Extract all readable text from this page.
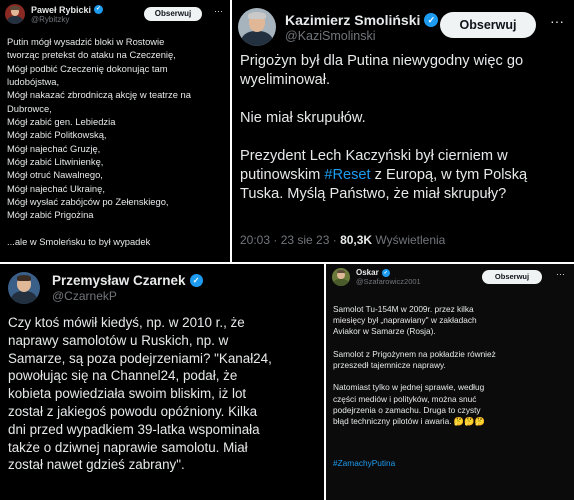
Paweł Rybicki ✓
@Rybitzky
Obserwuj	···
Putin mógł wysadzić bloki w Rostowie
tworząc pretekst do ataku na Czeczenię,
Mógł podbić Czeczenię dokonując tam
ludobójstwa,
Mógł nakazać zbrodniczą akcję w teatrze na
Dubrowce,
Mógł zabić gen. Lebiedzia
Mógł zabić Politkowską,
Mógł najechać Gruzję,
Mógł zabić Litwinienkę,
Mógł otruć Nawalnego,
Mógł najechać Ukrainę,
Mógł wysłać zabójców po Zełenskiego,
Mógł zabić Prigożina

...ale w Smoleńsku to był wypadek
Kazimierz Smoliński ✓
@KaziSmolinski
Obserwuj	···
Prigożyn był dla Putina niewygodny więc go
wyeliminował.

Nie miał skrupułów.

Prezydent Lech Kaczyński był cierniem w
putinowskim #Reset z Europą, w tym Polską
Tuska. Myślą Państwo, że miał skrupuły?
20:03 · 23 sie 23 · 80,3K Wyświetlenia
Przemysław Czarnek ✓
@CzarnekP
Czy ktoś mówił kiedyś, np. w 2010 r., że
naprawy samolotów u Ruskich, np. w
Samarze, są poza podejrzeniami? "Kanał24,
powołując się na Channel24, podał, że
kobieta powiedziała swoim bliskim, iż lot
został z jakiegoś powodu opóźniony. Kilka
dni przed wypadkiem 39-latka wspominała
także o dziwnej naprawie samolotu. Miał
został nawet gdzieś zabrany".
Oskar ✓
@Szafarowicz2001
Obserwuj	···
Samolot Tu-154M w 2009r. przez kilka
miesięcy był „naprawiany" w zakładach
Aviakor w Samarze (Rosja).

Samolot z Prigożynem na pokładzie również
przeszedł tajemnicze naprawy.

Natomiast tylko w jednej sprawie, według
części mediów i polityków, można snuć
podejrzenia o zamachu. Druga to czysty
błąd techniczny pilotów i awaria. 🤔🤔🤔
#ZamachyPutina
